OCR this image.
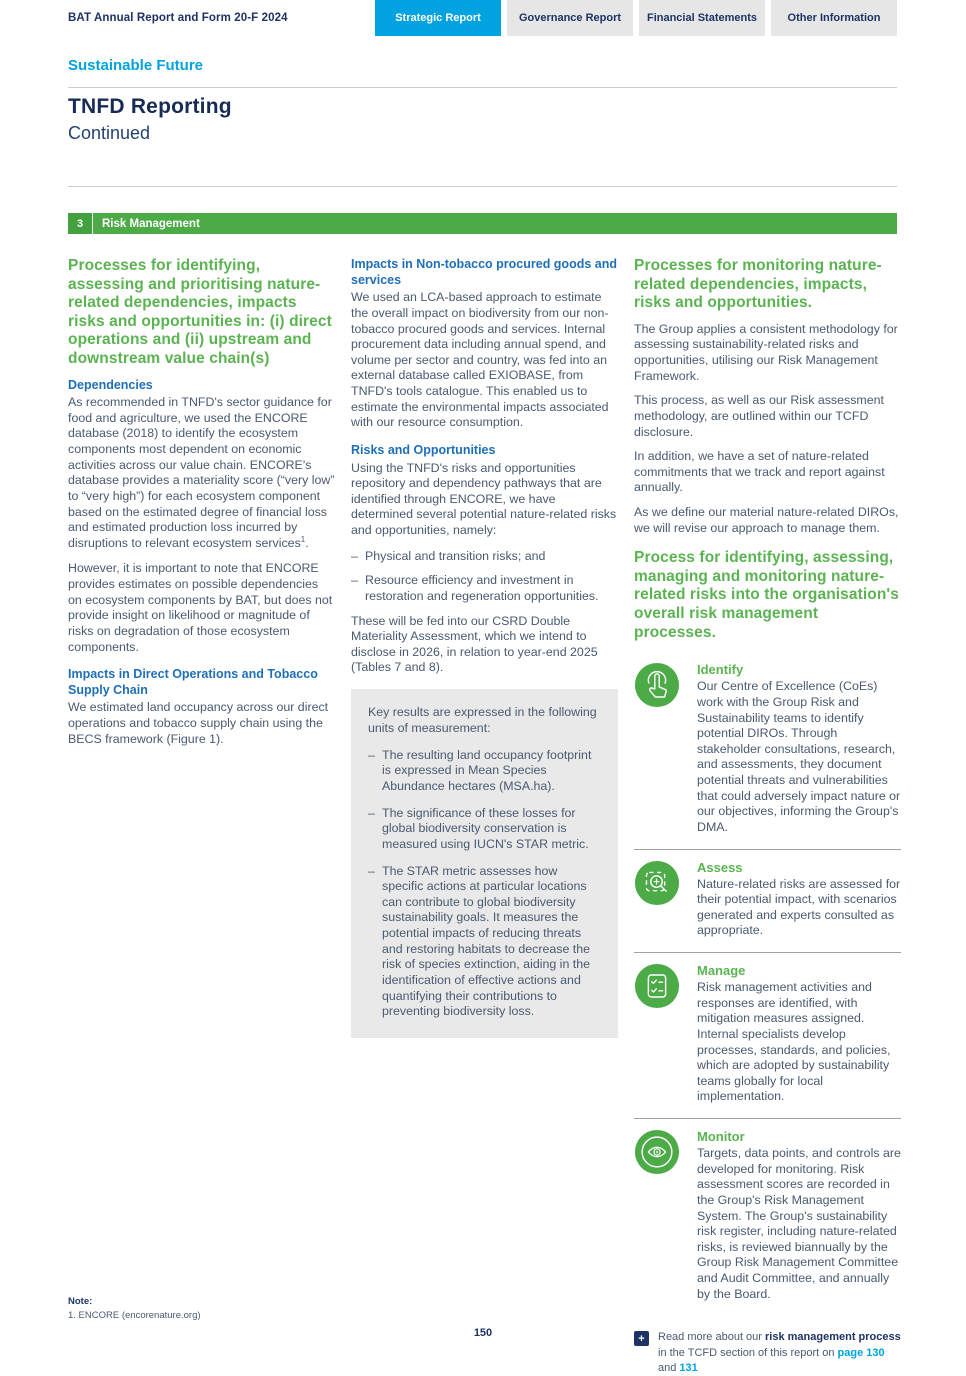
BAT Annual Report and Form 20-F 2024	Strategic Report	Governance Report	Financial Statements	Other Information
Sustainable Future
TNFD Reporting
Continued
3	Risk Management
Processes for identifying, assessing and prioritising nature-related dependencies, impacts risks and opportunities in: (i) direct operations and (ii) upstream and downstream value chain(s)
Dependencies

As recommended in TNFD's sector guidance for food and agriculture, we used the ENCORE database (2018) to identify the ecosystem components most dependent on economic activities across our value chain. ENCORE's database provides a materiality score (“very low” to “very high”) for each ecosystem component based on the estimated degree of financial loss and estimated production loss incurred by disruptions to relevant ecosystem services$^1$.

However, it is important to note that ENCORE provides estimates on possible dependencies on ecosystem components by BAT, but does not provide insight on likelihood or magnitude of risks on degradation of those ecosystem components.

Impacts in Direct Operations and Tobacco Supply Chain

We estimated land occupancy across our direct operations and tobacco supply chain using the BECS framework (Figure 1).

Impacts in Non-tobacco procured goods and services

We used an LCA-based approach to estimate the overall impact on biodiversity from our non-tobacco procured goods and services. Internal procurement data including annual spend, and volume per sector and country, was fed into an external database called EXIOBASE, from TNFD's tools catalogue. This enabled us to estimate the environmental impacts associated with our resource consumption.

Risks and Opportunities

Using the TNFD's risks and opportunities repository and dependency pathways that are identified through ENCORE, we have determined several potential nature-related risks and opportunities, namely:

– Physical and transition risks; and
– Resource efficiency and investment in restoration and regeneration opportunities.

These will be fed into our CSRD Double Materiality Assessment, which we intend to disclose in 2026, in relation to year-end 2025 (Tables 7 and 8).

Key results are expressed in the following units of measurement:
– The resulting land occupancy footprint is expressed in Mean Species Abundance hectares (MSA.ha).
– The significance of these losses for global biodiversity conservation is measured using IUCN's STAR metric.
– The STAR metric assesses how specific actions at particular locations can contribute to global biodiversity sustainability goals. It measures the potential impacts of reducing threats and restoring habitats to decrease the risk of species extinction, aiding in the identification of effective actions and quantifying their contributions to preventing biodiversity loss.
Processes for monitoring nature-related dependencies, impacts, risks and opportunities.

The Group applies a consistent methodology for assessing sustainability-related risks and opportunities, utilising our Risk Management Framework.

This process, as well as our Risk assessment methodology, are outlined within our TCFD disclosure.

In addition, we have a set of nature-related commitments that we track and report against annually.

As we define our material nature-related DIROs, we will revise our approach to manage them.

Process for identifying, assessing, managing and monitoring nature-related risks into the organisation's overall risk management processes.
Identify
Our Centre of Excellence (CoEs) work with the Group Risk and Sustainability teams to identify potential DIROs. Through stakeholder consultations, research, and assessments, they document potential threats and vulnerabilities that could adversely impact nature or our objectives, informing the Group's DMA.
Assess
Nature-related risks are assessed for their potential impact, with scenarios generated and experts consulted as appropriate.
Manage
Risk management activities and responses are identified, with mitigation measures assigned. Internal specialists develop processes, standards, and policies, which are adopted by sustainability teams globally for local implementation.
Monitor
Targets, data points, and controls are developed for monitoring. Risk assessment scores are recorded in the Group's Risk Management System. The Group's sustainability risk register, including nature-related risks, is reviewed biannually by the Group Risk Management Committee and Audit Committee, and annually by the Board.
+	Read more about our risk management process in the TCFD section of this report on page 130 and 131
Note:
1. ENCORE (encorenature.org)
150
